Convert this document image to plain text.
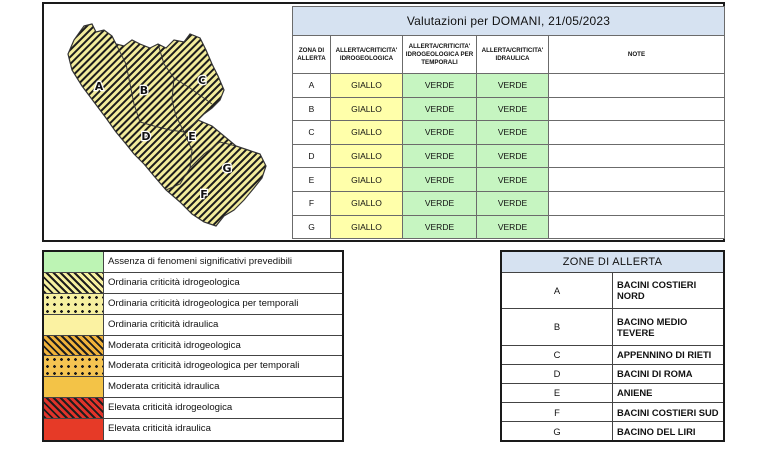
A	B
C
D	E
F
G
Valutazioni per DOMANI, 21/05/2023				
ZONA DI ALLERTA	ALLERTA/CRITICITA' IDROGEOLOGICA	ALLERTA/CRITICITA' IDROGEOLOGICA PER TEMPORALI	ALLERTA/CRITICITA' IDRAULICA	NOTE
A	GIALLO	VERDE	VERDE	
B	GIALLO	VERDE	VERDE	
C	GIALLO	VERDE	VERDE	
D	GIALLO	VERDE	VERDE	
E	GIALLO	VERDE	VERDE	
F	GIALLO	VERDE	VERDE	
G	GIALLO	VERDE	VERDE	
Assenza di fenomeni significativi prevedibili
Ordinaria criticità idrogeologica
Ordinaria criticità idrogeologica per temporali
Ordinaria criticità idraulica
Moderata criticità idrogeologica
Moderata criticità idrogeologica per temporali
Moderata criticità idraulica
Elevata criticità idrogeologica
Elevata criticità idraulica
ZONE DI ALLERTA	
A	BACINI COSTIERI NORD
B	BACINO MEDIO TEVERE
C	APPENNINO DI RIETI
D	BACINI DI ROMA
E	ANIENE
F	BACINI COSTIERI SUD
G	BACINO DEL LIRI
